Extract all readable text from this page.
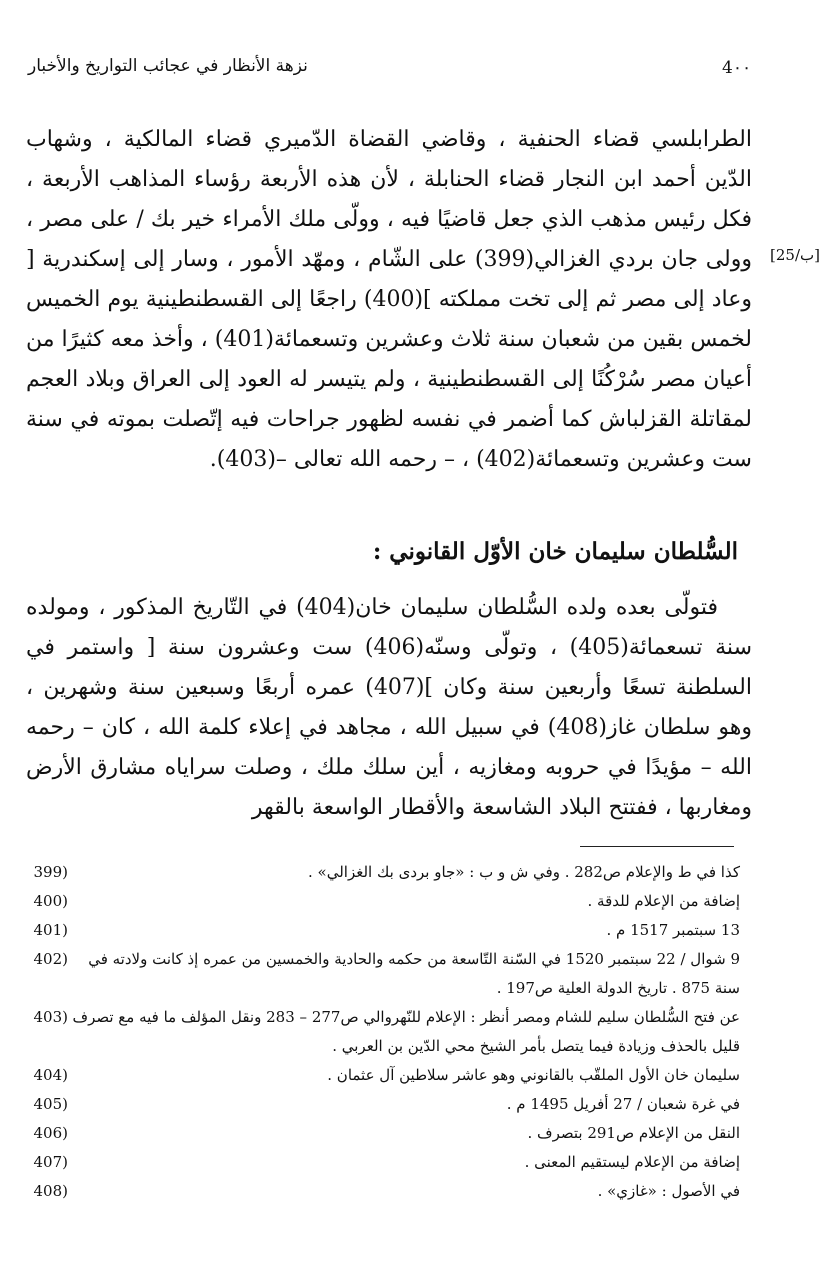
4٠٠
نزهة الأنظار في عجائب التواريخ والأخبار
[25/ب]
الطرابلسي قضاء الحنفية ، وقاضي القضاة الدّميري قضاء المالكية ، وشهاب الدّين أحمد ابن النجار قضاء الحنابلة ، لأن هذه الأربعة رؤساء المذاهب الأربعة ، فكل رئيس مذهب الذي جعل قاضيًا فيه ، وولّى ملك الأمراء خير بك / على مصر ، وولى جان بردي الغزالي(399) على الشّام ، ومهّد الأمور ، وسار إلى إسكندرية [ وعاد إلى مصر ثم إلى تخت مملكته ](400) راجعًا إلى القسطنطينية يوم الخميس لخمس بقين من شعبان سنة ثلاث وعشرين وتسعمائة(401) ، وأخذ معه كثيرًا من أعيان مصر سُرْكُنًا إلى القسطنطينية ، ولم يتيسر له العود إلى العراق وبلاد العجم لمقاتلة القزلباش كما أضمر في نفسه لظهور جراحات فيه إتّصلت بموته في سنة ست وعشرين وتسعمائة(402) ، – رحمه الله تعالى –(403).
السُّلطان سليمان خان الأوّل القانوني :
فتولّى بعده ولده السُّلطان سليمان خان(404) في التّاريخ المذكور ، ومولده سنة تسعمائة(405) ، وتولّى وسنّه(406) ست وعشرون سنة [ واستمر في السلطنة تسعًا وأربعين سنة وكان ](407) عمره أربعًا وسبعين سنة وشهرين ، وهو سلطان غاز(408) في سبيل الله ، مجاهد في إعلاء كلمة الله ، كان – رحمه الله – مؤيدًا في حروبه ومغازيه ، أين سلك ملك ، وصلت سراياه مشارق الأرض ومغاربها ، ففتتح البلاد الشاسعة والأقطار الواسعة بالقهر
كذا في ط والإعلام ص282 . وفي ش و ب : «جاو بردى بك الغزالي» .
399)
إضافة من الإعلام للدقة .
400)
13 سبتمبر 1517 م .
401)
9 شوال / 22 سبتمبر 1520 في السّنة التّاسعة من حكمه والحادية والخمسين من عمره إذ كانت ولادته في سنة 875 . تاريخ الدولة العلية ص197 .
402)
عن فتح السُّلطان سليم للشام ومصر أنظر : الإعلام للنّهروالي ص277 – 283 ونقل المؤلف ما فيه مع تصرف قليل بالحذف وزيادة فيما يتصل بأمر الشيخ محي الدّين بن العربي .
403)
سليمان خان الأول الملقّب بالقانوني وهو عاشر سلاطين آل عثمان .
404)
في غرة شعبان / 27 أفريل 1495 م .
405)
النقل من الإعلام ص291 بتصرف .
406)
إضافة من الإعلام ليستقيم المعنى .
407)
في الأصول : «غازي» .
408)
